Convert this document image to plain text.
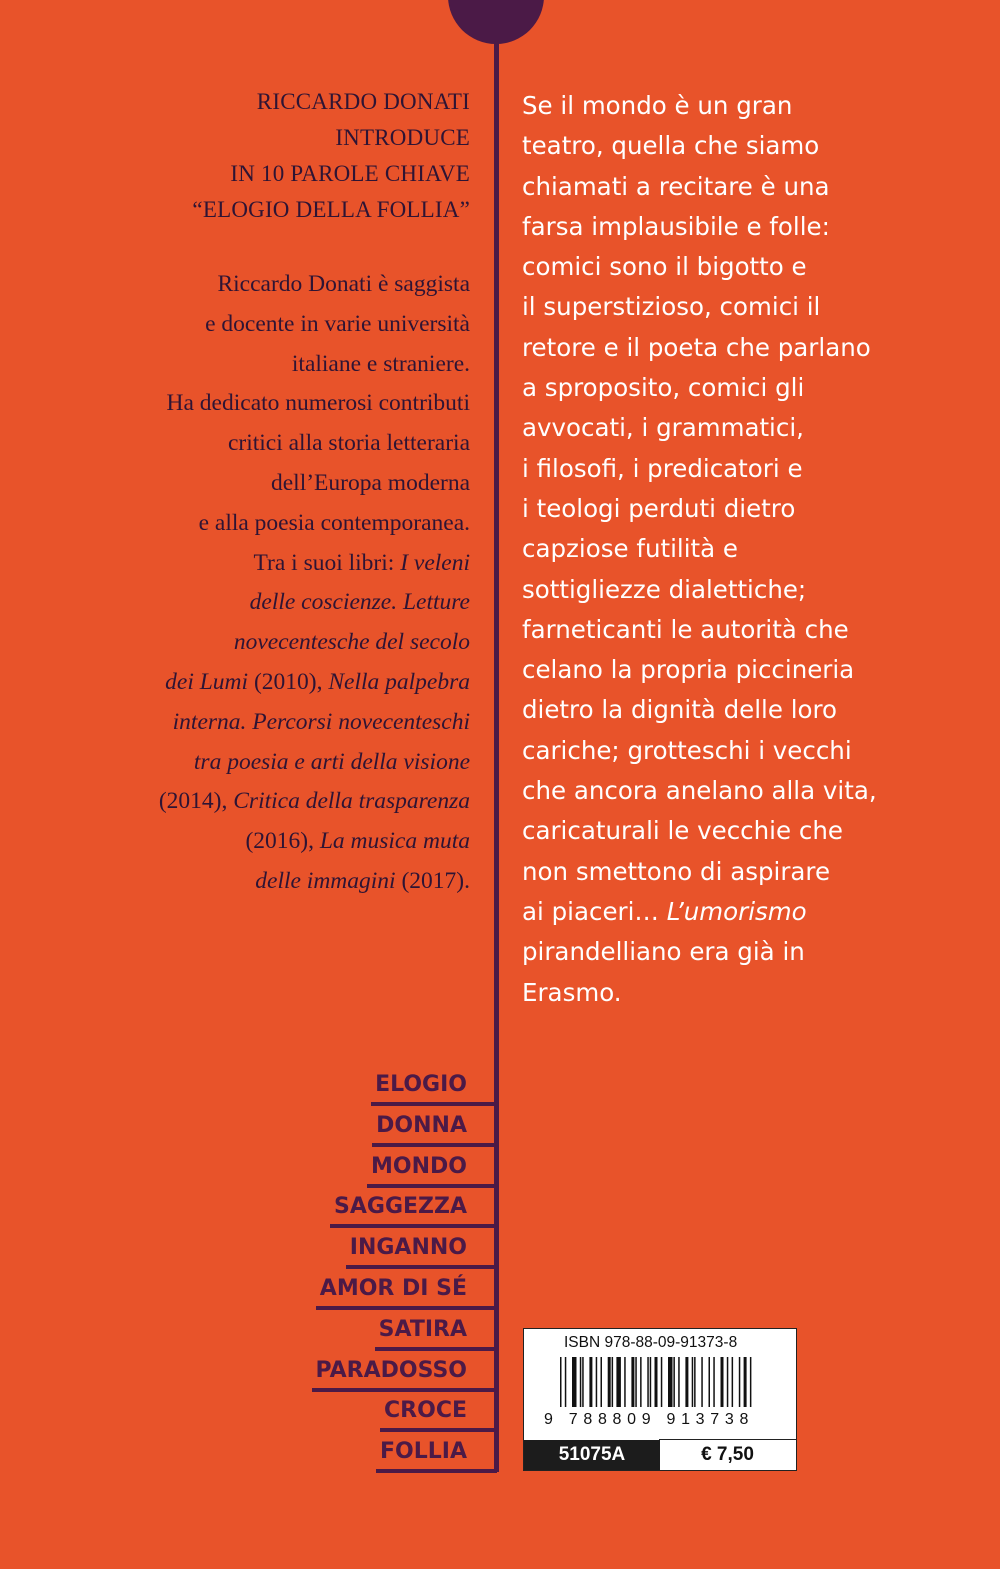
RICCARDO DONATI
INTRODUCE
IN 10 PAROLE CHIAVE
“ELOGIO DELLA FOLLIA”
Riccardo Donati è saggista
e docente in varie università
italiane e straniere.
Ha dedicato numerosi contributi
critici alla storia letteraria
dell’Europa moderna
e alla poesia contemporanea.
Tra i suoi libri: I veleni
delle coscienze. Letture
novecentesche del secolo
dei Lumi (2010), Nella palpebra
interna. Percorsi novecenteschi
tra poesia e arti della visione
(2014), Critica della trasparenza
(2016), La musica muta
delle immagini (2017).
Se il mondo è un gran
teatro, quella che siamo
chiamati a recitare è una
farsa implausibile e folle:
comici sono il bigotto e
il superstizioso, comici il
retore e il poeta che parlano
a sproposito, comici gli
avvocati, i grammatici,
i filosofi, i predicatori e
i teologi perduti dietro
capziose futilità e
sottigliezze dialettiche;
farneticanti le autorità che
celano la propria piccineria
dietro la dignità delle loro
cariche; grotteschi i vecchi
che ancora anelano alla vita,
caricaturali le vecchie che
non smettono di aspirare
ai piaceri… L’umorismo
pirandelliano era già in
Erasmo.
ELOGIO
DONNA
MONDO
SAGGEZZA
INGANNO
AMOR DI SÉ
SATIRA
PARADOSSO
CROCE
FOLLIA
ISBN 978-88-09-91373-8
9 788809 913738
51075A	€ 7,50
